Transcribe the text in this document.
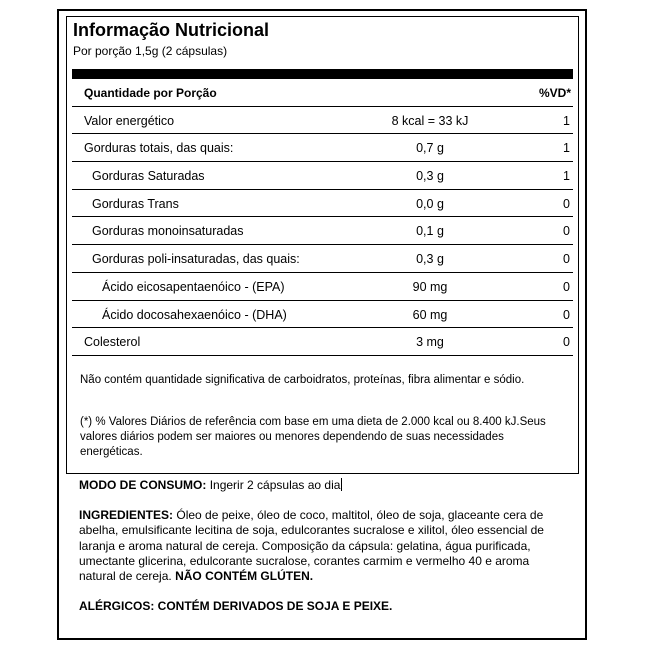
Informação Nutricional
Por porção 1,5g (2 cápsulas)
Quantidade por Porção	%VD*
Valor energético	8 kcal = 33 kJ	1
Gorduras totais, das quais:	0,7 g	1
Gorduras Saturadas	0,3 g	1
Gorduras Trans	0,0 g	0
Gorduras monoinsaturadas	0,1 g	0
Gorduras poli-insaturadas, das quais:	0,3 g	0
Ácido eicosapentaenóico - (EPA)	90 mg	0
Ácido docosahexaenóico - (DHA)	60 mg	0
Colesterol	3 mg	0
Não contém quantidade significativa de carboidratos, proteínas, fibra alimentar e sódio.
(*) % Valores Diários de referência com base em uma dieta de 2.000 kcal ou 8.400 kJ.Seus valores diários podem ser maiores ou menores dependendo de suas necessidades energéticas.
MODO DE CONSUMO: Ingerir 2 cápsulas ao dia
INGREDIENTES: Óleo de peixe, óleo de coco, maltitol, óleo de soja, glaceante cera de abelha, emulsificante lecitina de soja, edulcorantes sucralose e xilitol, óleo essencial de laranja e aroma natural de cereja. Composição da cápsula: gelatina, água purificada, umectante glicerina, edulcorante sucralose, corantes carmim e vermelho 40 e aroma natural de cereja. NÃO CONTÉM GLÚTEN.
ALÉRGICOS: CONTÉM DERIVADOS DE SOJA E PEIXE.
